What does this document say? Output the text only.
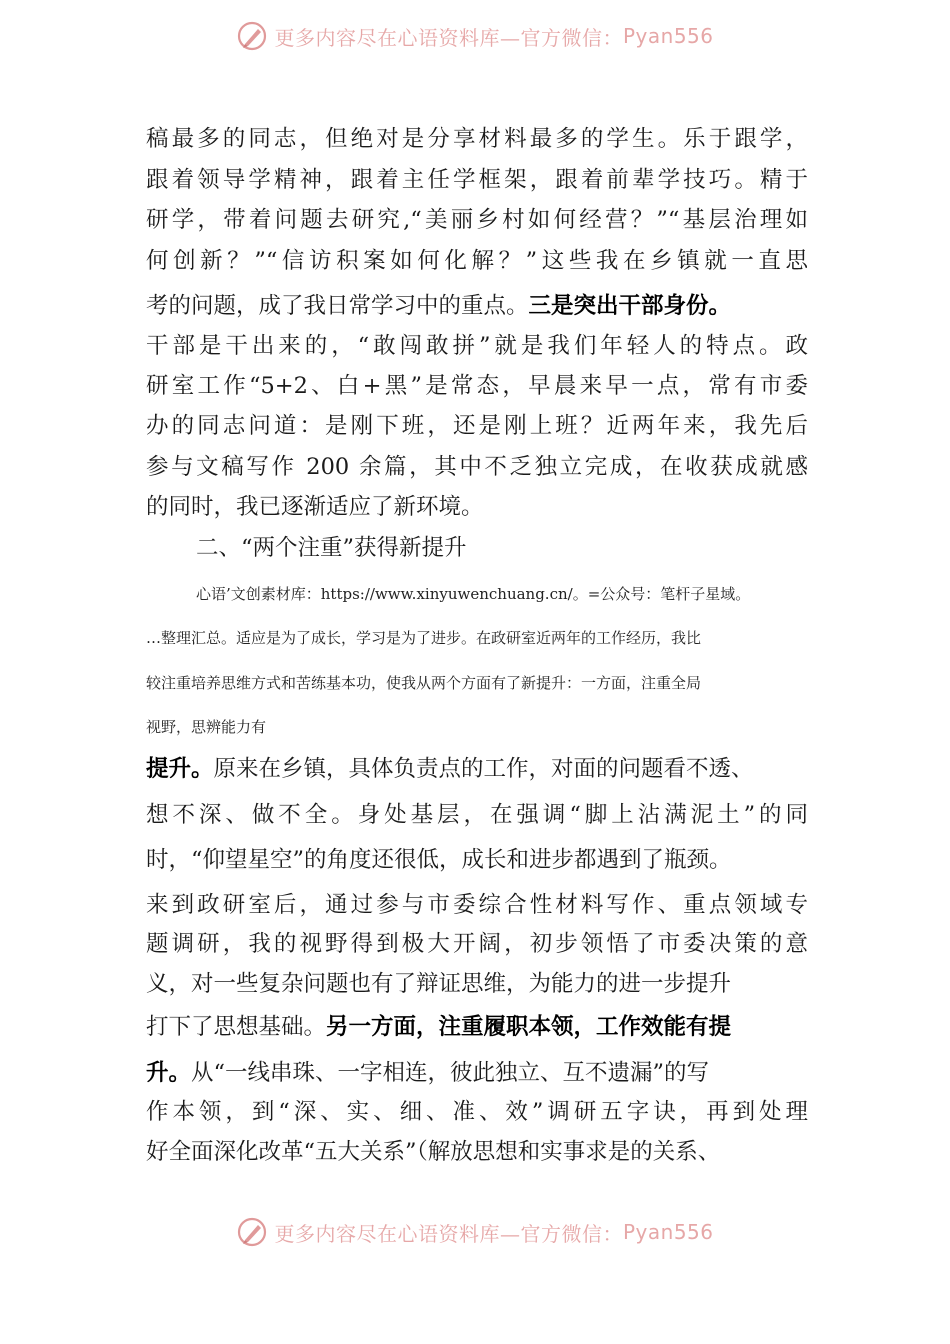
更多内容尽在心语资料库—官方微信： Pyan556
稿最多的同志，但绝对是分享材料最多的学生。乐于跟学，
跟着领导学精神，跟着主任学框架，跟着前辈学技巧。精于
研学，带着问题去研究,“美丽乡村如何经营？”“基层治理如
何创新？”“信访积案如何化解？”这些我在乡镇就一直思
考的问题，成了我日常学习中的重点。三是突出干部身份。
干部是干出来的，“敢闯敢拼”就是我们年轻人的特点。政
研室工作“5+2、白+黑”是常态，早晨来早一点，常有市委
办的同志问道：是刚下班，还是刚上班？近两年来，我先后
参与文稿写作 200 余篇，其中不乏独立完成，在收获成就感
的同时，我已逐渐适应了新环境。
二、“两个注重”获得新提升
心语’文创素材库：https://www.xinyuwenchuang.cn/。=公众号：笔杆子星域。
…整理汇总。适应是为了成长，学习是为了进步。在政研室近两年的工作经历，我比
较注重培养思维方式和苦练基本功，使我从两个方面有了新提升：一方面，注重全局
视野，思辨能力有
提升。原来在乡镇，具体负责点的工作，对面的问题看不透、
想不深、做不全。身处基层，在强调“脚上沾满泥土”的同
时，“仰望星空”的角度还很低，成长和进步都遇到了瓶颈。
来到政研室后，通过参与市委综合性材料写作、重点领域专
题调研，我的视野得到极大开阔，初步领悟了市委决策的意
义，对一些复杂问题也有了辩证思维，为能力的进一步提升
打下了思想基础。另一方面，注重履职本领，工作效能有提
升。从“一线串珠、一字相连，彼此独立、互不遗漏”的写
作本领，到“深、实、细、准、效”调研五字诀，再到处理
好全面深化改革“五大关系”（解放思想和实事求是的关系、
更多内容尽在心语资料库—官方微信： Pyan556
